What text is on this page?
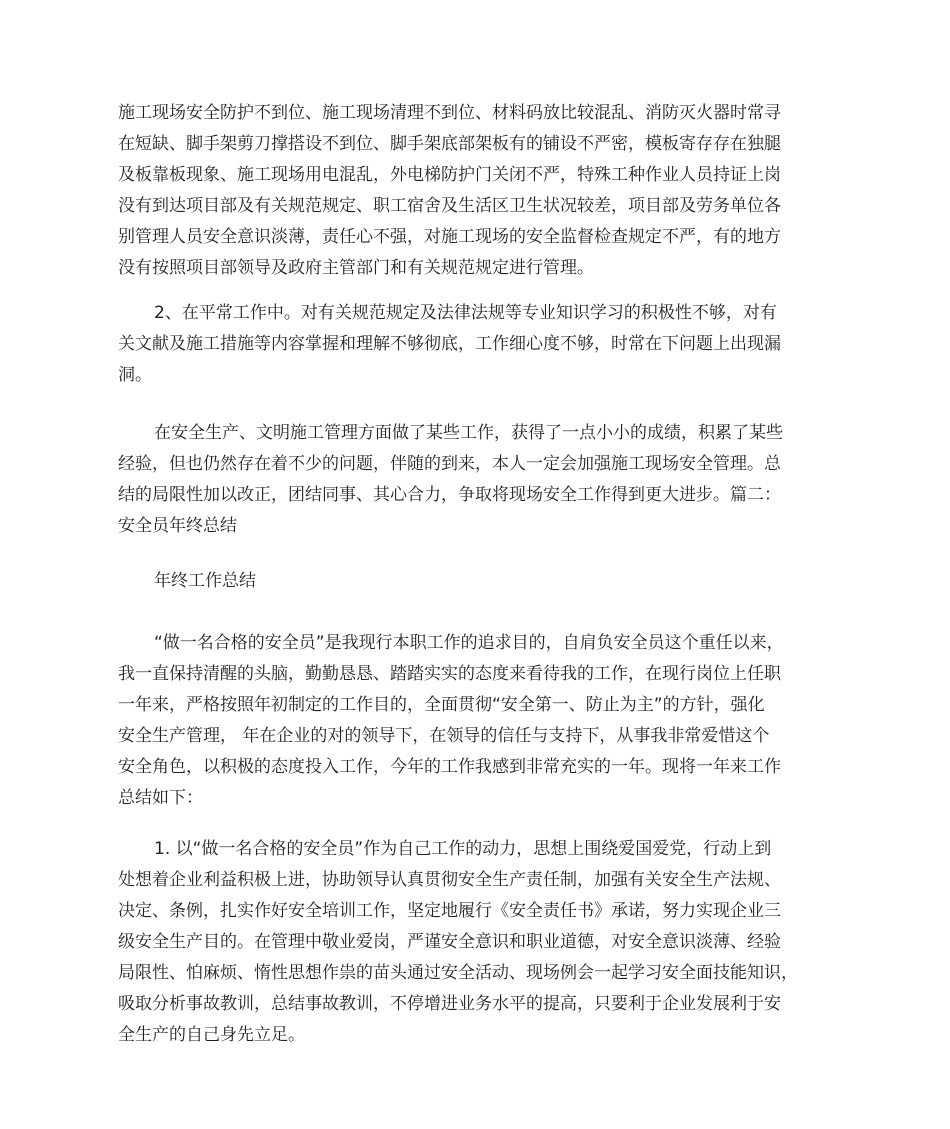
施工现场安全防护不到位、施工现场清理不到位、材料码放比较混乱、消防灭火器时常寻
在短缺、脚手架剪刀撑搭设不到位、脚手架底部架板有的铺设不严密，模板寄存存在独腿
及板靠板现象、施工现场用电混乱，外电梯防护门关闭不严，特殊工种作业人员持证上岗
没有到达项目部及有关规范规定、职工宿舍及生活区卫生状况较差，项目部及劳务单位各
别管理人员安全意识淡薄，责任心不强，对施工现场的安全监督检查规定不严，有的地方
没有按照项目部领导及政府主管部门和有关规范规定进行管理。
2、在平常工作中。对有关规范规定及法律法规等专业知识学习的积极性不够，对有
关文献及施工措施等内容掌握和理解不够彻底，工作细心度不够，时常在下问题上出现漏
洞。
在安全生产、文明施工管理方面做了某些工作，获得了一点小小的成绩，积累了某些
经验，但也仍然存在着不少的问题，伴随的到来，本人一定会加强施工现场安全管理。总
结的局限性加以改正，团结同事、其心合力，争取将现场安全工作得到更大进步。篇二：
安全员年终总结
年终工作总结
“做一名合格的安全员”是我现行本职工作的追求目的，自肩负安全员这个重任以来，
我一直保持清醒的头脑，勤勤恳恳、踏踏实实的态度来看待我的工作，在现行岗位上任职
一年来，严格按照年初制定的工作目的，全面贯彻“安全第一、防止为主”的方针，强化
安全生产管理， 年在企业的对的领导下，在领导的信任与支持下，从事我非常爱惜这个
安全角色，以积极的态度投入工作，今年的工作我感到非常充实的一年。现将一年来工作
总结如下：
1. 以“做一名合格的安全员”作为自己工作的动力，思想上围绕爱国爱党，行动上到
处想着企业利益积极上进，协助领导认真贯彻安全生产责任制，加强有关安全生产法规、
决定、条例，扎实作好安全培训工作，坚定地履行《安全责任书》承诺，努力实现企业三
级安全生产目的。在管理中敬业爱岗，严谨安全意识和职业道德，对安全意识淡薄、经验
局限性、怕麻烦、惰性思想作祟的苗头通过安全活动、现场例会一起学习安全面技能知识，
吸取分析事故教训，总结事故教训，不停增进业务水平的提高，只要利于企业发展利于安
全生产的自己身先立足。
